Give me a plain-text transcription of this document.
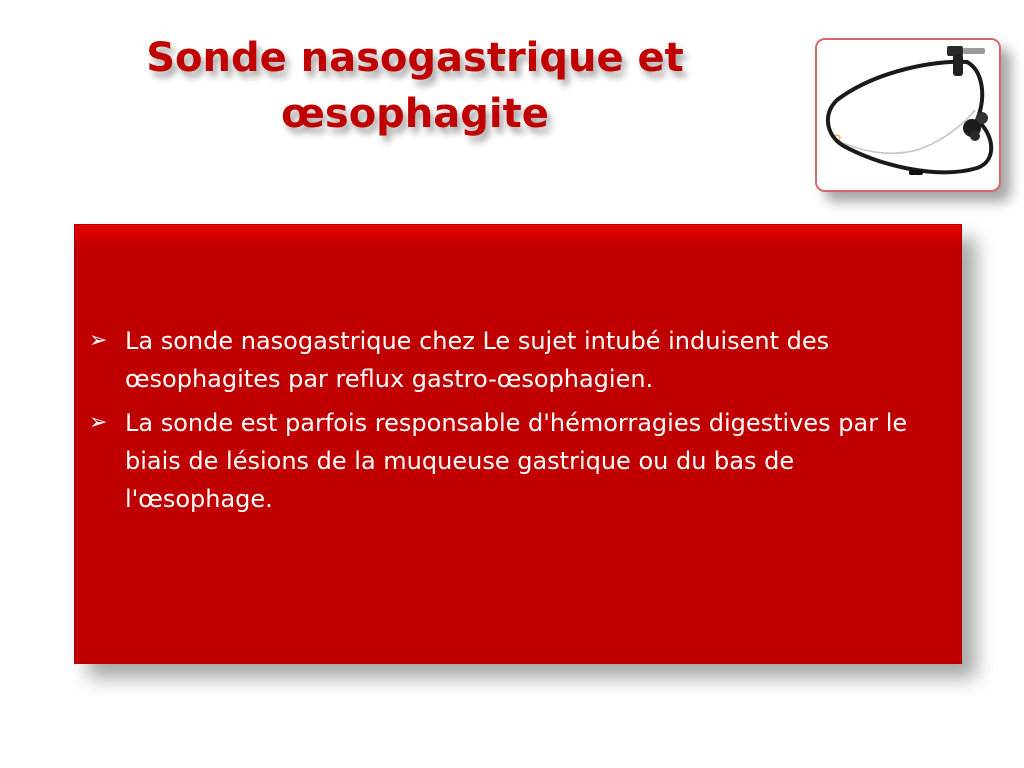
Sonde nasogastrique et
œsophagite
➢ La sonde nasogastrique chez Le sujet intubé induisent des œsophagites par reflux gastro-œsophagien.
➢ La sonde est parfois responsable d'hémorragies digestives par le biais de lésions de la muqueuse gastrique ou du bas de l'œsophage.
